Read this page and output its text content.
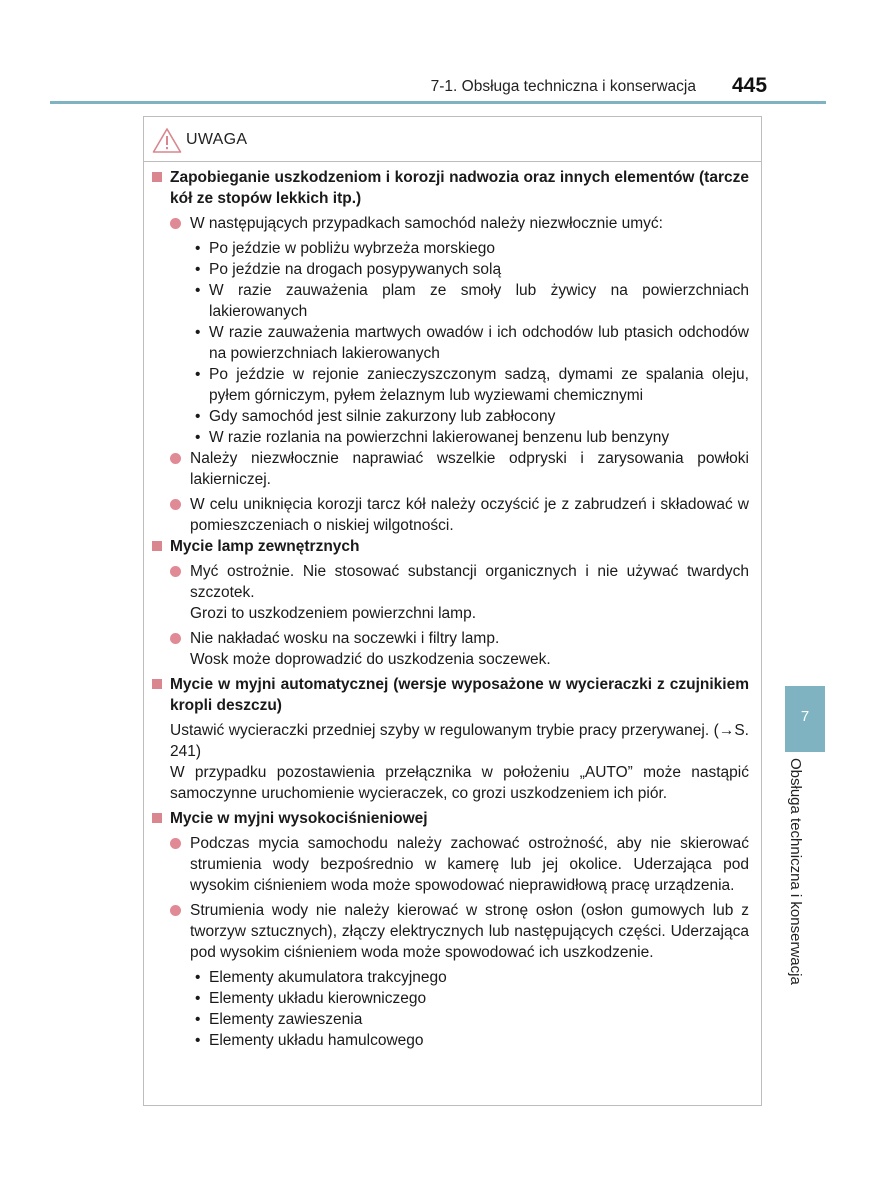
7-1. Obsługa techniczna i konserwacja 445
UWAGA

Zapobieganie uszkodzeniom i korozji nadwozia oraz innych elementów (tarcze kół ze stopów lekkich itp.)

W następujących przypadkach samochód należy niezwłocznie umyć:

• Po jeździe w pobliżu wybrzeża morskiego

• Po jeździe na drogach posypywanych solą

• W razie zauważenia plam ze smoły lub żywicy na powierzchniach lakierowanych

• W razie zauważenia martwych owadów i ich odchodów lub ptasich odchodów na powierzchniach lakierowanych

• Po jeździe w rejonie zanieczyszczonym sadzą, dymami ze spalania oleju, pyłem górniczym, pyłem żelaznym lub wyziewami chemicznymi

• Gdy samochód jest silnie zakurzony lub zabłocony

• W razie rozlania na powierzchni lakierowanej benzenu lub benzyny

Należy niezwłocznie naprawiać wszelkie odpryski i zarysowania powłoki lakierniczej.

W celu uniknięcia korozji tarcz kół należy oczyścić je z zabrudzeń i składować w pomieszczeniach o niskiej wilgotności.

Mycie lamp zewnętrznych

Myć ostrożnie. Nie stosować substancji organicznych i nie używać twardych szczotek.

Grozi to uszkodzeniem powierzchni lamp.

Nie nakładać wosku na soczewki i filtry lamp.

Wosk może doprowadzić do uszkodzenia soczewek.

Mycie w myjni automatycznej (wersje wyposażone w wycieraczki z czujnikiem kropli deszczu)

Ustawić wycieraczki przedniej szyby w regulowanym trybie pracy przerywanej. (→S. 241)

W przypadku pozostawienia przełącznika w położeniu „AUTO” może nastąpić samoczynne uruchomienie wycieraczek, co grozi uszkodzeniem ich piór.

Mycie w myjni wysokociśnieniowej

Podczas mycia samochodu należy zachować ostrożność, aby nie skierować strumienia wody bezpośrednio w kamerę lub jej okolice. Uderzająca pod wysokim ciśnieniem woda może spowodować nieprawidłową pracę urządzenia.

Strumienia wody nie należy kierować w stronę osłon (osłon gumowych lub z tworzyw sztucznych), złączy elektrycznych lub następujących części. Uderzająca pod wysokim ciśnieniem woda może spowodować ich uszkodzenie.

• Elementy akumulatora trakcyjnego

• Elementy układu kierowniczego

• Elementy zawieszenia

• Elementy układu hamulcowego

7
Obsługa techniczna i konserwacja
